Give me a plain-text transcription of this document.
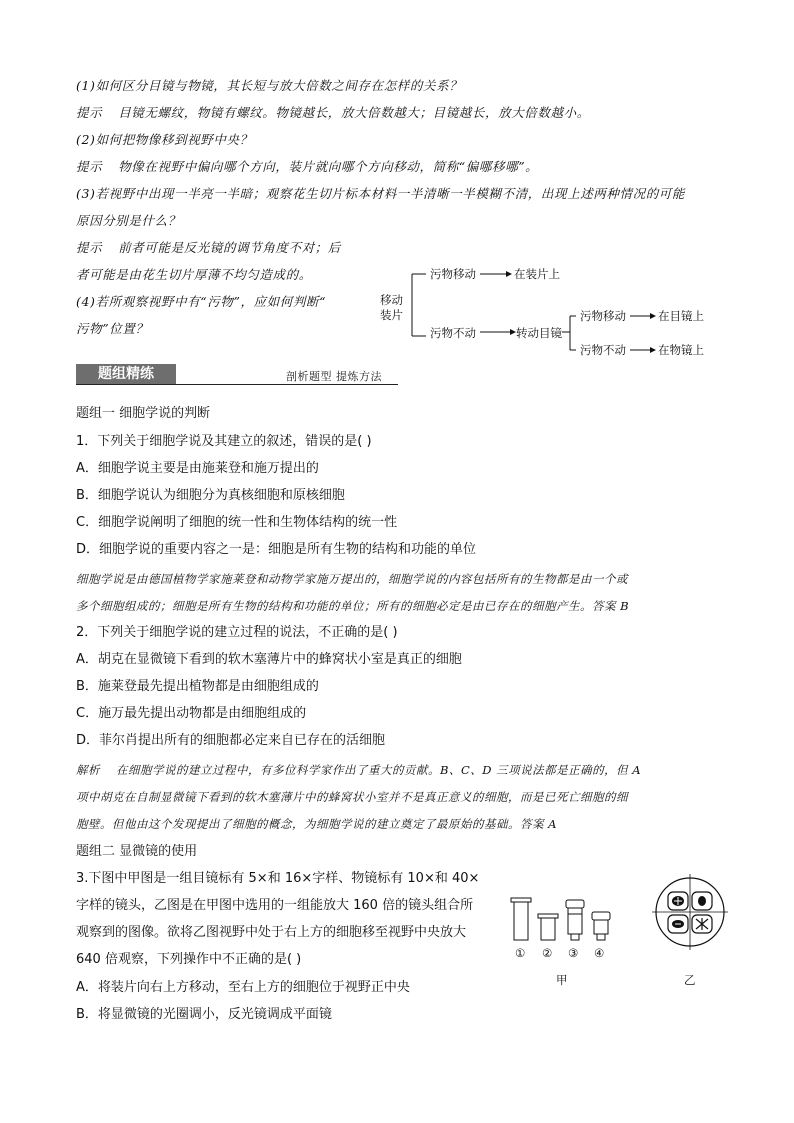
(1)如何区分目镜与物镜，其长短与放大倍数之间存在怎样的关系？
提示 目镜无螺纹，物镜有螺纹。物镜越长，放大倍数越大；目镜越长，放大倍数越小。
(2)如何把物像移到视野中央？
提示 物像在视野中偏向哪个方向，装片就向哪个方向移动，简称“偏哪移哪”。
(3)若视野中出现一半亮一半暗；观察花生切片标本材料一半清晰一半模糊不清，出现上述两种情况的可能
原因分别是什么？
提示 前者可能是反光镜的调节角度不对；后
者可能是由花生切片厚薄不均匀造成的。
(4)若所观察视野中有“污物”，应如何判断“
污物”位置？
移动
装片
污物移动	在装片上
污物不动	转动目镜
污物移动	在目镜上
污物不动	在物镜上
题组精练	剖析题型 提炼方法
题组一 细胞学说的判断
1．下列关于细胞学说及其建立的叙述，错误的是( )
A．细胞学说主要是由施莱登和施万提出的
B．细胞学说认为细胞分为真核细胞和原核细胞
C．细胞学说阐明了细胞的统一性和生物体结构的统一性
D．细胞学说的重要内容之一是：细胞是所有生物的结构和功能的单位
细胞学说是由德国植物学家施莱登和动物学家施万提出的，细胞学说的内容包括所有的生物都是由一个或
多个细胞组成的；细胞是所有生物的结构和功能的单位；所有的细胞必定是由已存在的细胞产生。答案 B
2．下列关于细胞学说的建立过程的说法，不正确的是( )
A．胡克在显微镜下看到的软木塞薄片中的蜂窝状小室是真正的细胞
B．施莱登最先提出植物都是由细胞组成的
C．施万最先提出动物都是由细胞组成的
D．菲尔肖提出所有的细胞都必定来自已存在的活细胞
解析 在细胞学说的建立过程中，有多位科学家作出了重大的贡献。B、C、D 三项说法都是正确的，但 A
项中胡克在自制显微镜下看到的软木塞薄片中的蜂窝状小室并不是真正意义的细胞，而是已死亡细胞的细
胞壁。但他由这个发现提出了细胞的概念，为细胞学说的建立奠定了最原始的基础。答案 A
题组二 显微镜的使用
3.下图中甲图是一组目镜标有 5×和 16×字样、物镜标有 10×和 40×
字样的镜头，乙图是在甲图中选用的一组能放大 160 倍的镜头组合所
观察到的图像。欲将乙图视野中处于右上方的细胞移至视野中央放大
640 倍观察，下列操作中不正确的是( )
A．将装片向右上方移动，至右上方的细胞位于视野正中央
B．将显微镜的光圈调小，反光镜调成平面镜
① ② ③ ④
甲	乙
